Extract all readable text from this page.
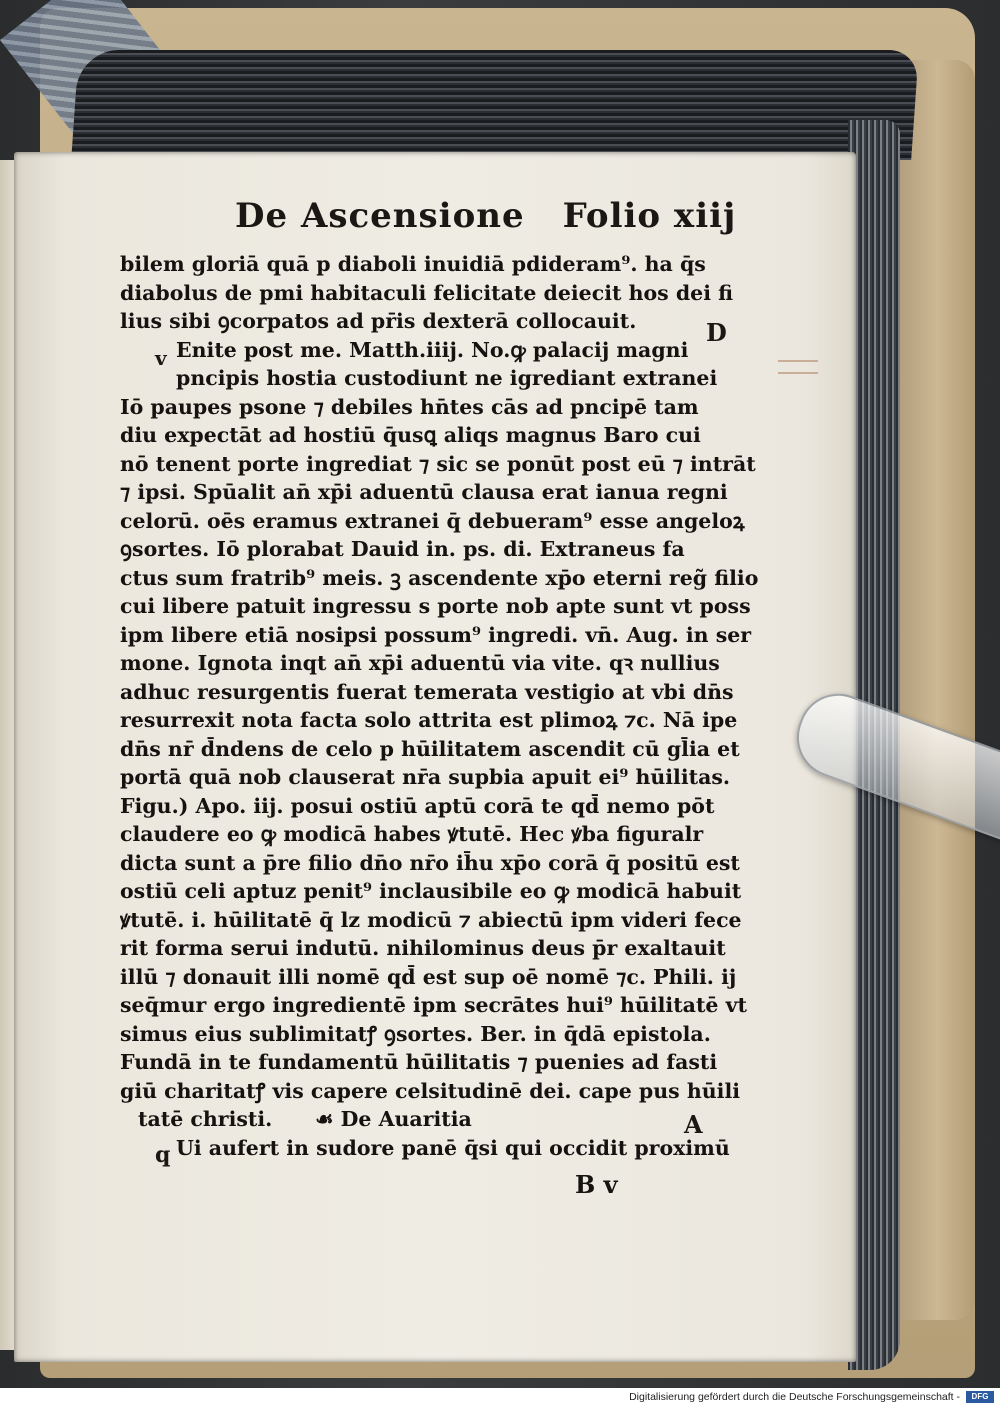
De Ascensione Folio xiij
v
D
bilem gloriā quā p diaboli inuidiā pdideram⁹. ha q̄s
diabolus de pmi habitaculi felicitate deiecit hos dei fi
lius sibi ꝯcorpatos ad pr̄is dexterā collocauit.
Enite post me. Matth.iiij. No.ꝙ palacij magni
pncipis hostia custodiunt ne igrediant extranei
Iō paupes psone ⁊ debiles hn̄tes cās ad pncipē tam
diu expectāt ad hostiū q̄usꝗ aliqs magnus Baro cui
nō tenent porte ingrediat ⁊ sic se ponūt post eū ⁊ intrāt
⁊ ipsi. Spūalit an̄ xp̄i aduentū clausa erat ianua regni
celorū. oēs eramus extranei q̄ debueram⁹ esse angeloꝝ
ꝯsortes. Iō plorabat Dauid in. ps. di. Extraneus fa
ctus sum fratrib⁹ meis. ꝫ ascendente xp̄o eterni reg̃ filio
cui libere patuit ingressu s porte nob apte sunt vt poss
ipm libere etiā nosipsi possum⁹ ingredi. vn̄. Aug. in ser
mone. Ignota inqt an̄ xp̄i aduentū via vite. qꝛ nullius
adhuc resurgentis fuerat temerata vestigio at vbi dn̄s
resurrexit nota facta solo attrita est plimoꝝ ⁊c. Nā ipe
dn̄s nr̄ d̄ndens de celo p hūilitatem ascendit cū gl̄ia et
portā quā nob clauserat nr̄a supbia apuit ei⁹ hūilitas.
Figu.) Apo. iij. posui ostiū aptū corā te qd̄ nemo pōt
claudere eo ꝙ modicā habes ꝟtutē. Hec ꝟba figuralr
dicta sunt a p̄re filio dn̄o nr̄o ih̄u xp̄o corā q̄ positū est
ostiū celi aptuz penit⁹ inclausibile eo ꝙ modicā habuit
ꝟtutē. i. hūilitatē q̄ lz modicū ⁊ abiectū ipm videri fece
rit forma serui indutū. nihilominus deus p̄r exaltauit
illū ⁊ donauit illi nomē qd̄ est sup oē nomē ⁊c. Phili. ij
seq̄mur ergo ingredientē ipm secrātes hui⁹ hūilitatē vt
simus eius sublimitatꝭ ꝯsortes. Ber. in q̄dā epistola.
Fundā in te fundamentū hūilitatis ⁊ puenies ad fasti
giū charitatꝭ vis capere celsitudinē dei. cape pus hūili
tatē christi. ☙ De Auaritia
Ui aufert in sudore panē q̄si qui occidit proximū
A
q
B v
Digitalisierung gefördert durch die Deutsche Forschungsgemeinschaft -	DFG
